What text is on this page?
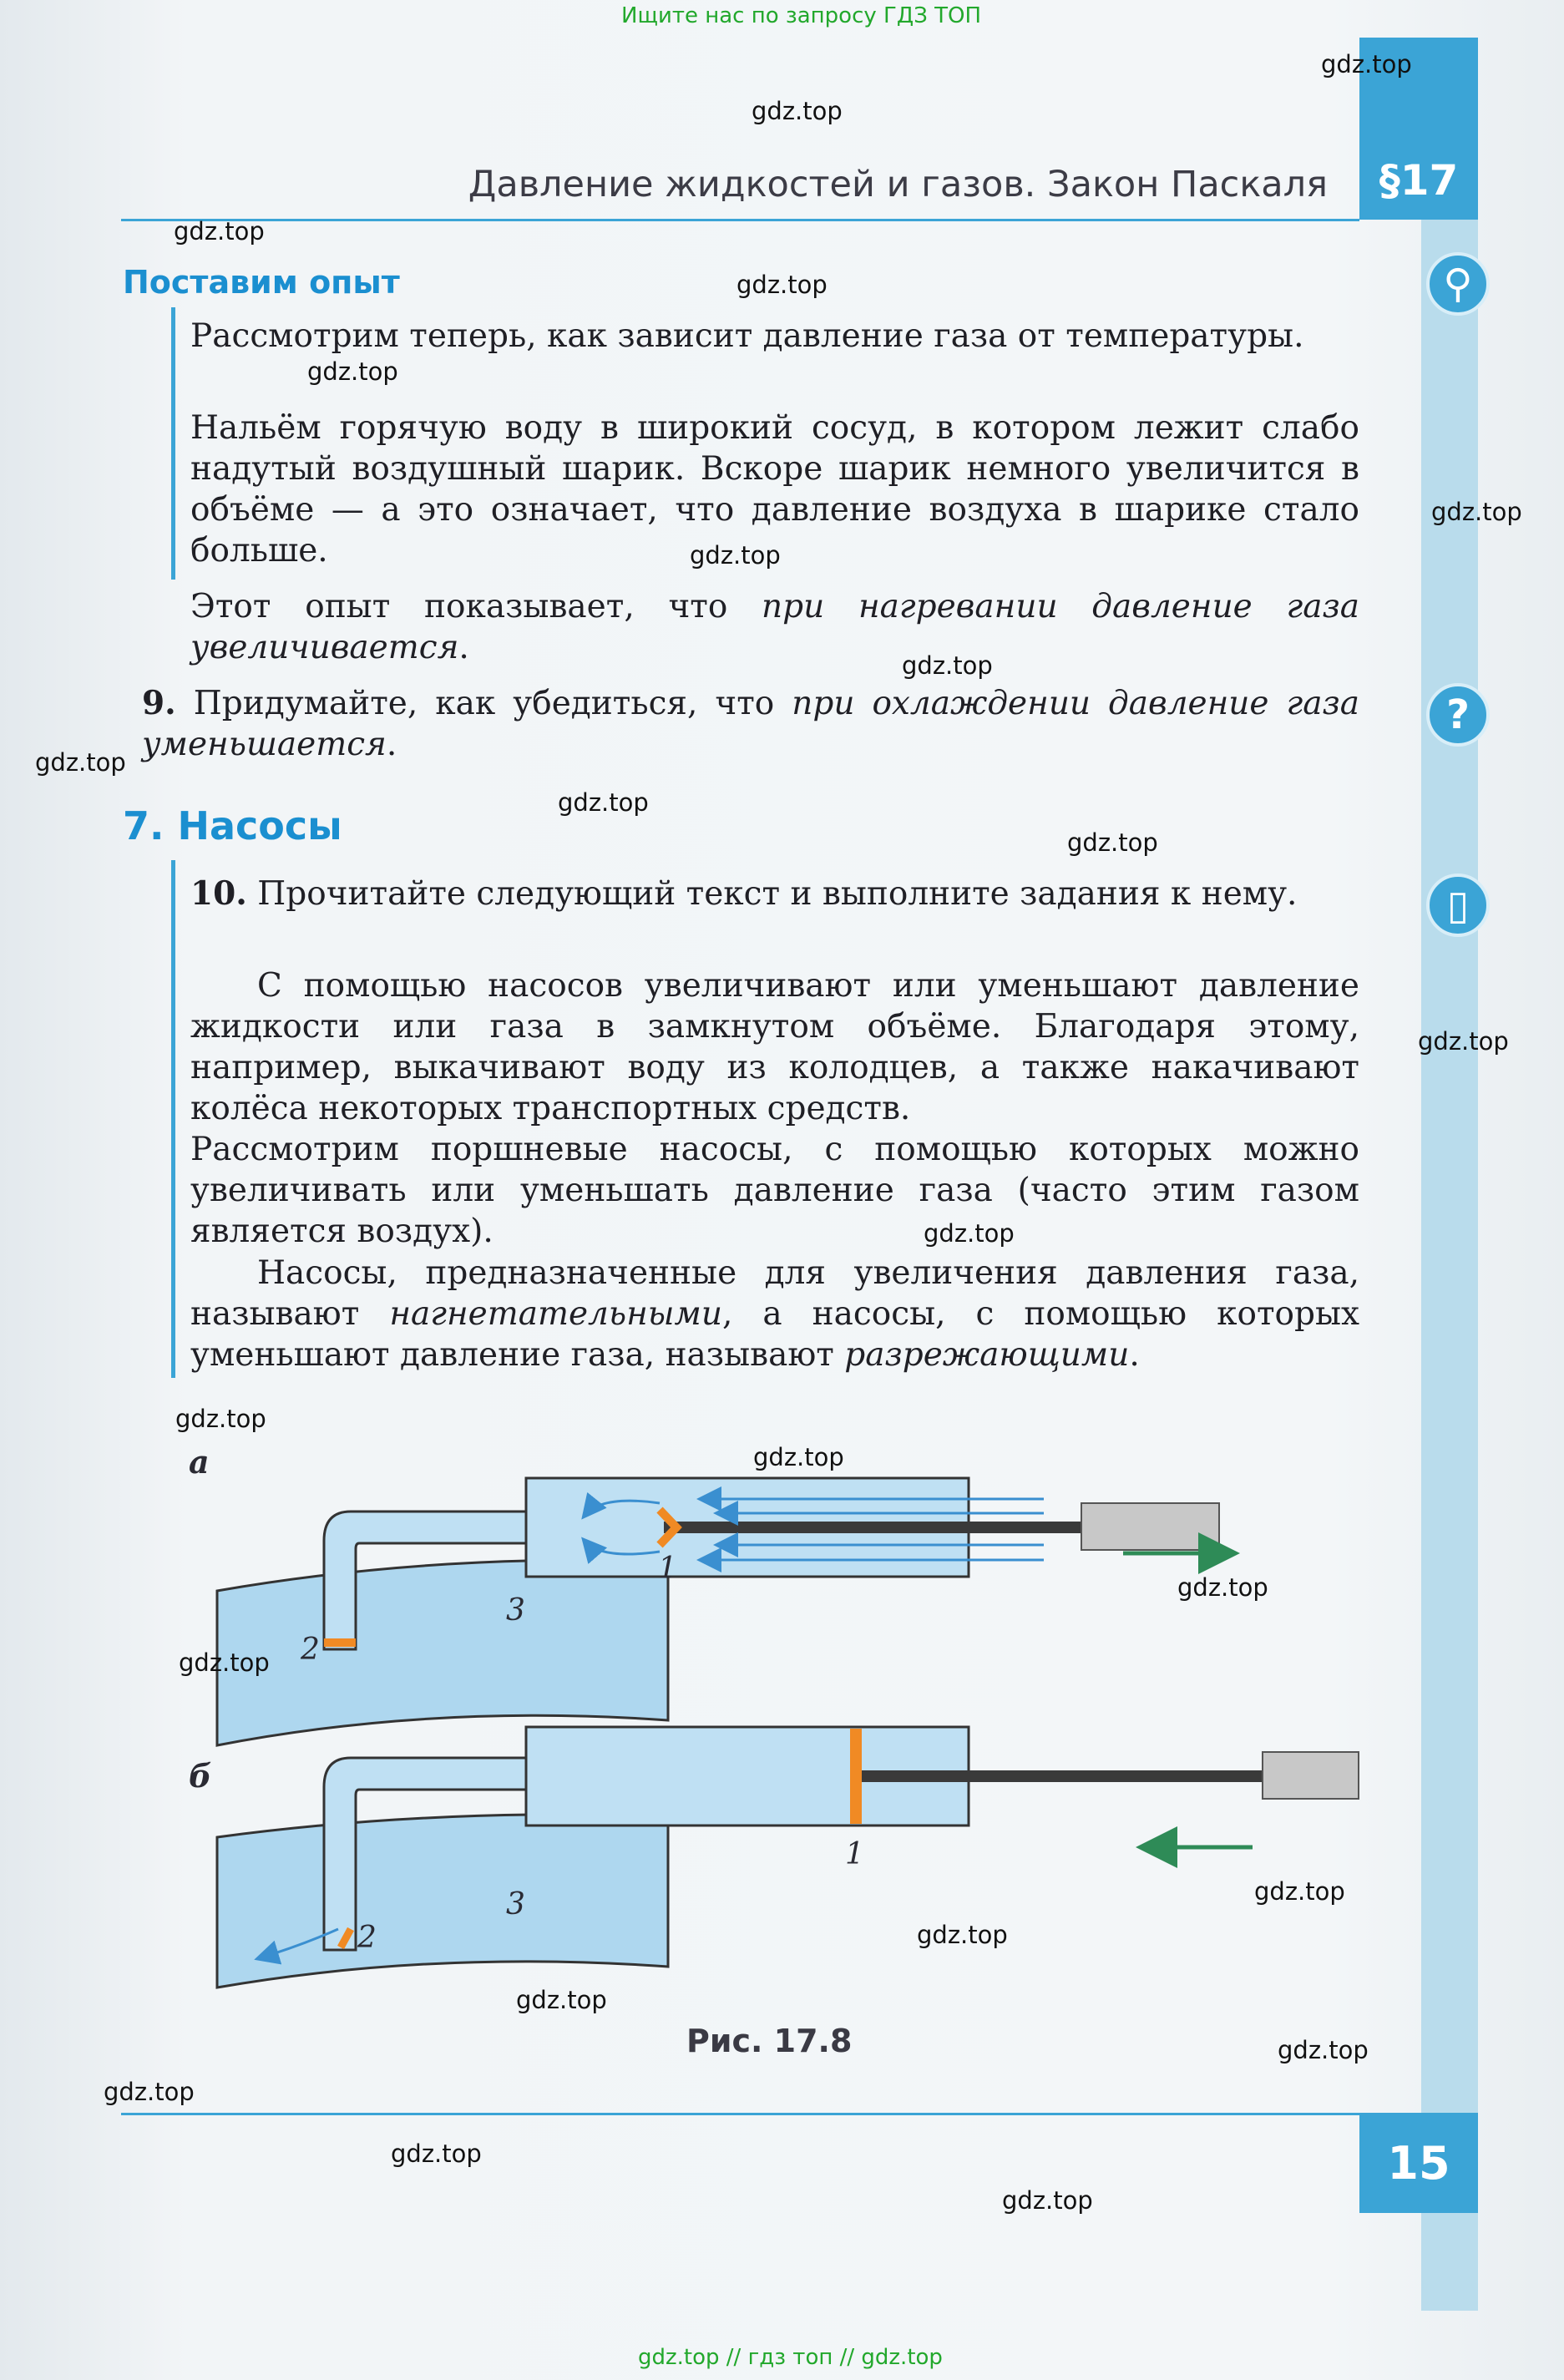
Ищите нас по запросу ГДЗ ТОП
§17
Давление жидкостей и газов. Закон Паскаля
⚲
?
▯
Поставим опыт
Рассмотрим теперь, как зависит давление газа от температуры.
Нальём горячую воду в широкий сосуд, в котором лежит слабо надутый воздушный шарик. Вскоре шарик немного увеличится в объёме — а это означает, что давление воздуха в шарике стало больше.
Этот опыт показывает, что при нагревании давление газа увеличивается.
9. Придумайте, как убедиться, что при охлаждении давление газа уменьшается.
7. Насосы
10. Прочитайте следующий текст и выполните задания к нему.
С помощью насосов увеличивают или уменьшают давление жидкости или газа в замкнутом объёме. Благодаря этому, например, выкачивают воду из колодцев, а также накачивают колёса некоторых транспортных средств.
Рассмотрим поршневые насосы, с помощью которых можно увеличивать или уменьшать давление газа (часто этим газом является воздух).
Насосы, предназначенные для увеличения давления газа, называют нагнетательными, а насосы, с помощью которых уменьшают давление газа, называют разрежающими.
а
б
1
2
3
1
2
3
Рис. 17.8
15
gdz.top
gdz.top
gdz.top
gdz.top
gdz.top
gdz.top
gdz.top
gdz.top
gdz.top
gdz.top
gdz.top
gdz.top
gdz.top
gdz.top
gdz.top
gdz.top
gdz.top
gdz.top
gdz.top
gdz.top
gdz.top
gdz.top
gdz.top
gdz.top
gdz.top // гдз топ // gdz.top
